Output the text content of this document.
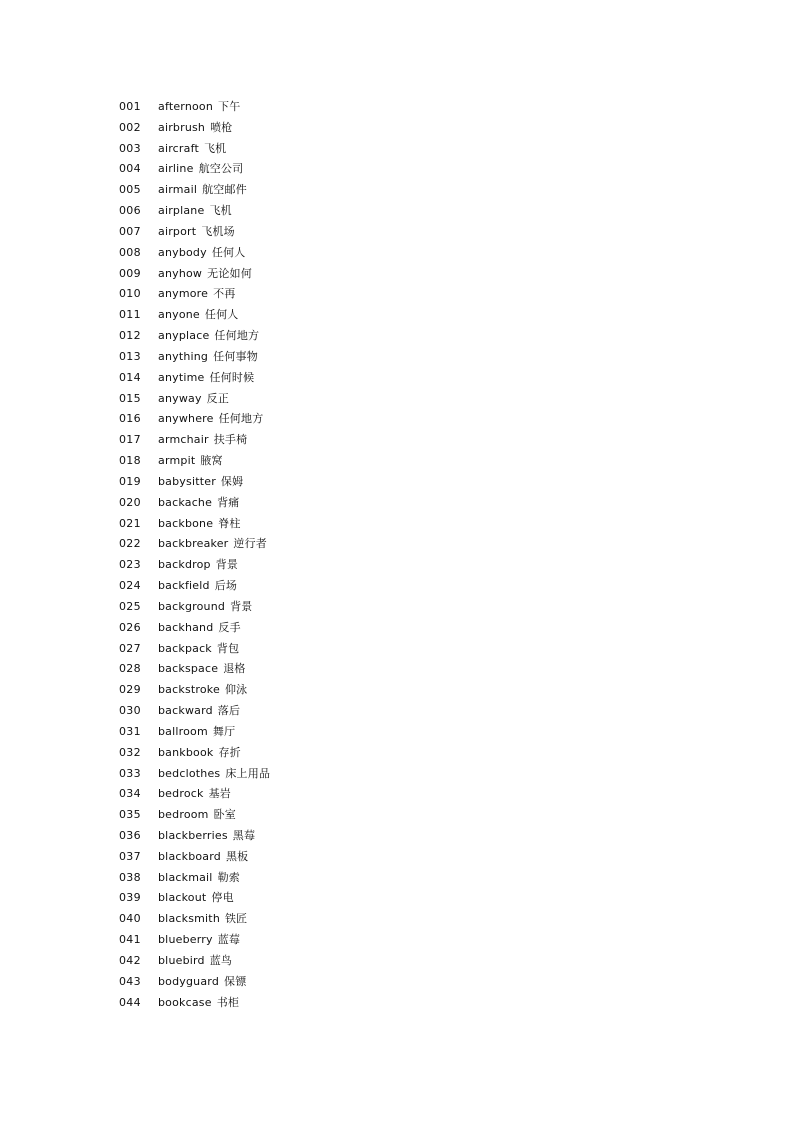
001 afternoon 下午
002 airbrush 喷枪
003 aircraft 飞机
004 airline 航空公司
005 airmail 航空邮件
006 airplane 飞机
007 airport 飞机场
008 anybody 任何人
009 anyhow 无论如何
010 anymore 不再
011 anyone 任何人
012 anyplace 任何地方
013 anything 任何事物
014 anytime 任何时候
015 anyway 反正
016 anywhere 任何地方
017 armchair 扶手椅
018 armpit 腋窝
019 babysitter 保姆
020 backache 背痛
021 backbone 脊柱
022 backbreaker 逆行者
023 backdrop 背景
024 backfield 后场
025 background 背景
026 backhand 反手
027 backpack 背包
028 backspace 退格
029 backstroke 仰泳
030 backward 落后
031 ballroom 舞厅
032 bankbook 存折
033 bedclothes 床上用品
034 bedrock 基岩
035 bedroom 卧室
036 blackberries 黑莓
037 blackboard 黑板
038 blackmail 勒索
039 blackout 停电
040 blacksmith 铁匠
041 blueberry 蓝莓
042 bluebird 蓝鸟
043 bodyguard 保镖
044 bookcase 书柜
